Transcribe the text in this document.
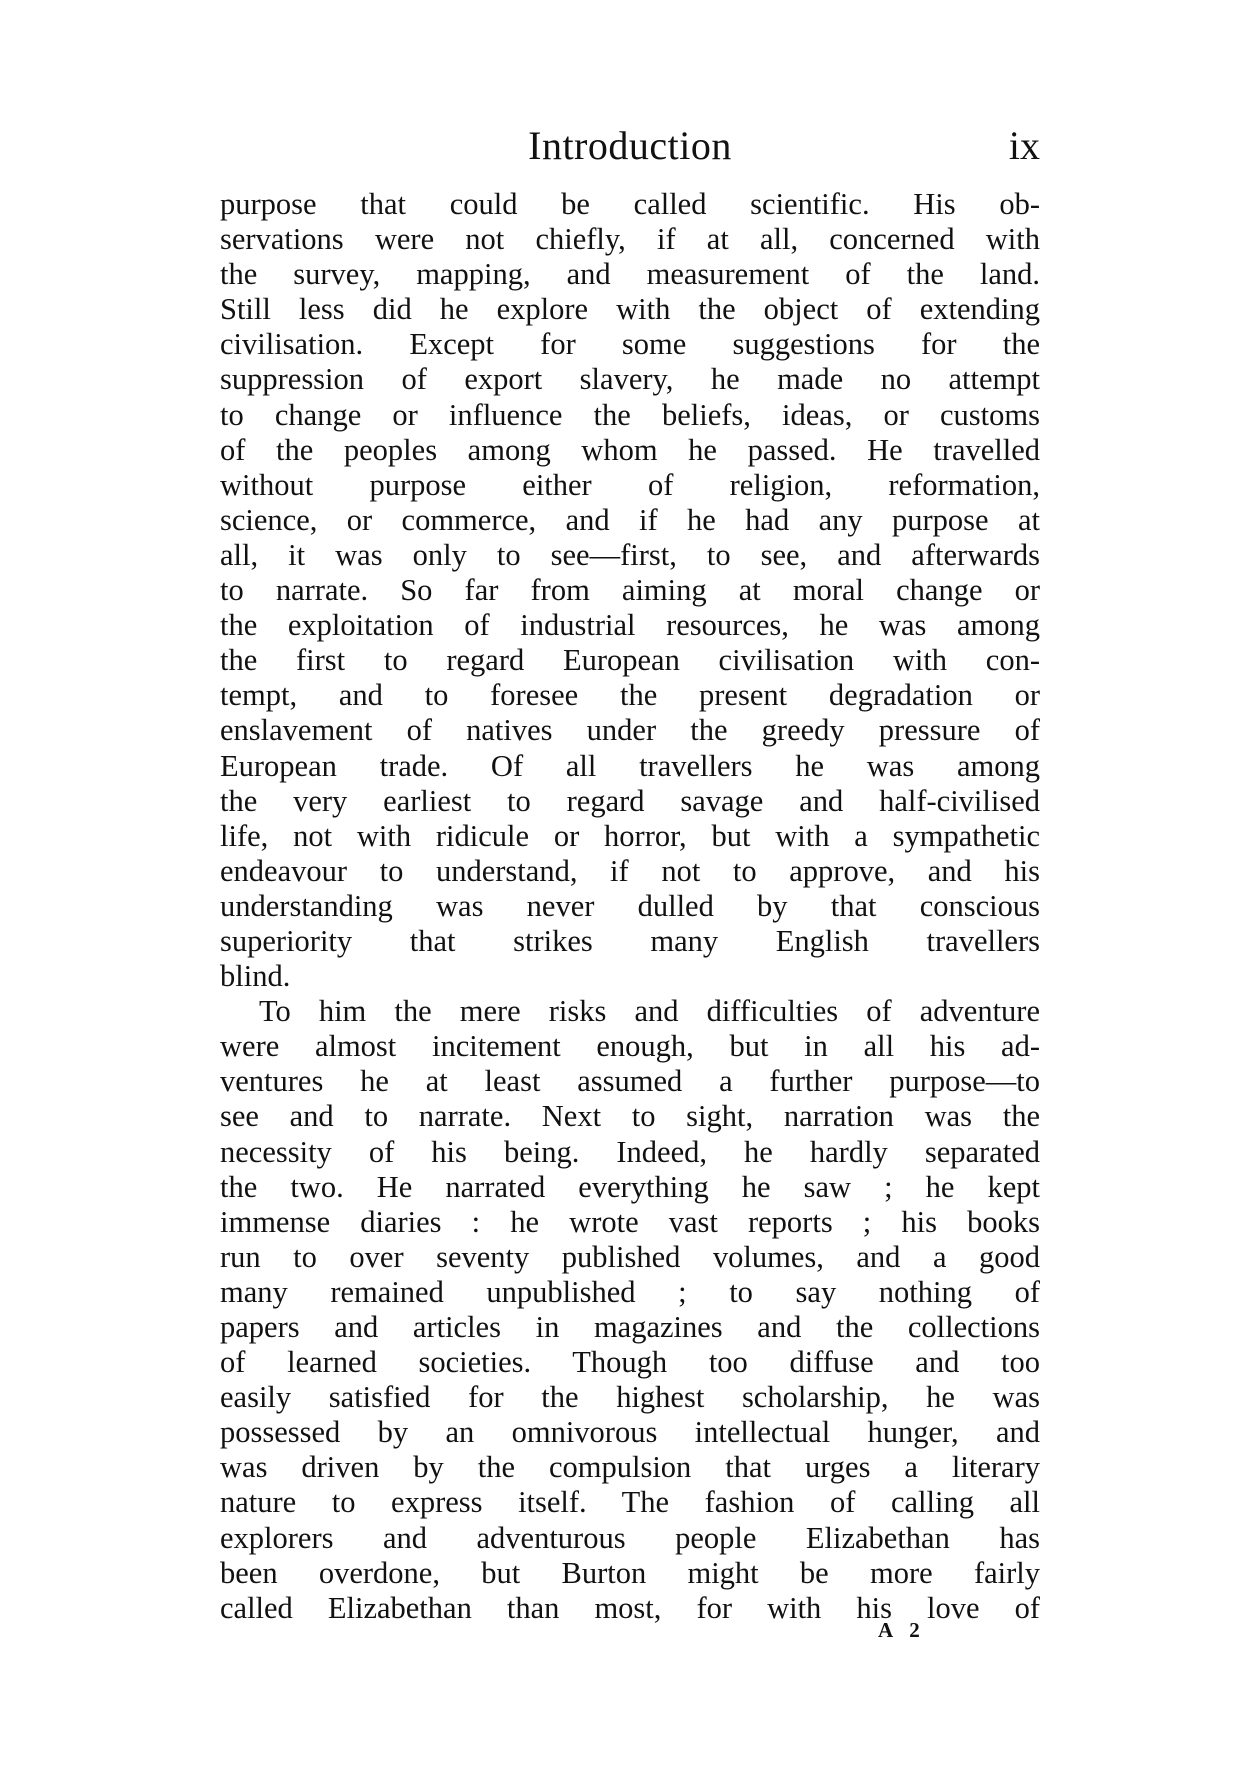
Introduction	ix
purpose that could be called scientific. His ob-
servations were not chiefly, if at all, concerned with
the survey, mapping, and measurement of the land.
Still less did he explore with the object of extending
civilisation. Except for some suggestions for the
suppression of export slavery, he made no attempt
to change or influence the beliefs, ideas, or customs
of the peoples among whom he passed. He travelled
without purpose either of religion, reformation,
science, or commerce, and if he had any purpose at
all, it was only to see—first, to see, and afterwards
to narrate. So far from aiming at moral change or
the exploitation of industrial resources, he was among
the first to regard European civilisation with con-
tempt, and to foresee the present degradation or
enslavement of natives under the greedy pressure of
European trade. Of all travellers he was among
the very earliest to regard savage and half-civilised
life, not with ridicule or horror, but with a sympathetic
endeavour to understand, if not to approve, and his
understanding was never dulled by that conscious
superiority that strikes many English travellers
blind.
To him the mere risks and difficulties of adventure
were almost incitement enough, but in all his ad-
ventures he at least assumed a further purpose—to
see and to narrate. Next to sight, narration was the
necessity of his being. Indeed, he hardly separated
the two. He narrated everything he saw ; he kept
immense diaries : he wrote vast reports ; his books
run to over seventy published volumes, and a good
many remained unpublished ; to say nothing of
papers and articles in magazines and the collections
of learned societies. Though too diffuse and too
easily satisfied for the highest scholarship, he was
possessed by an omnivorous intellectual hunger, and
was driven by the compulsion that urges a literary
nature to express itself. The fashion of calling all
explorers and adventurous people Elizabethan has
been overdone, but Burton might be more fairly
called Elizabethan than most, for with his love of
A 2
